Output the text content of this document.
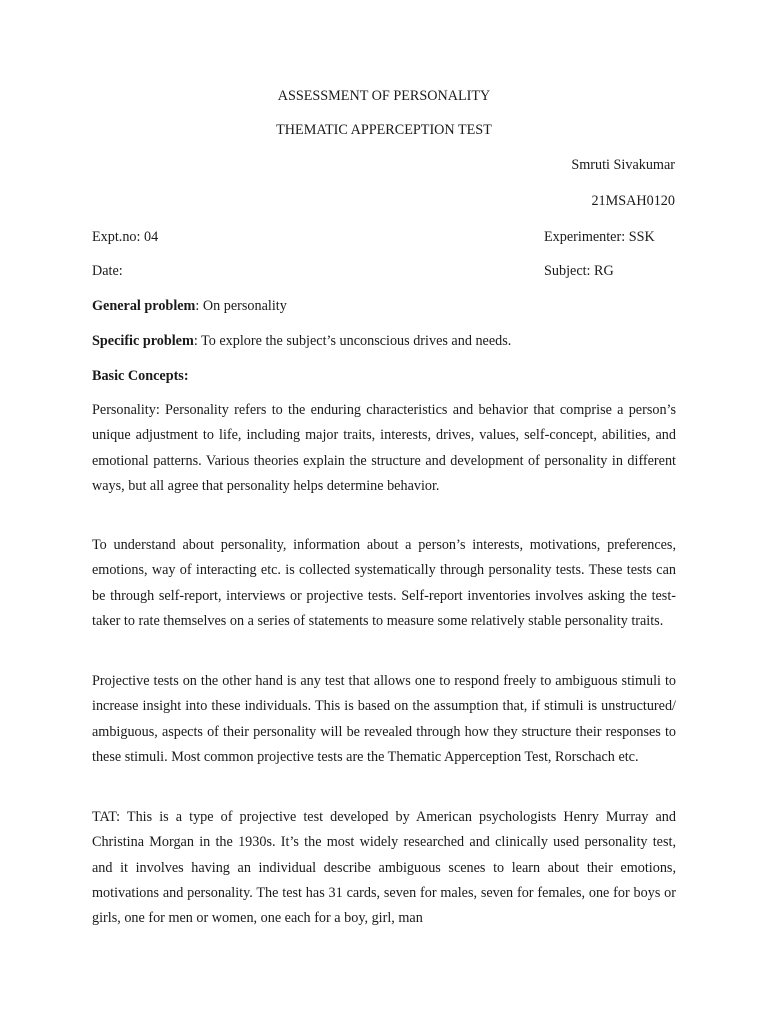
ASSESSMENT OF PERSONALITY
THEMATIC APPERCEPTION TEST
Smruti Sivakumar
21MSAH0120
Expt.no: 04	Experimenter: SSK
Date:	Subject: RG
General problem: On personality
Specific problem: To explore the subject’s unconscious drives and needs.
Basic Concepts:

Personality: Personality refers to the enduring characteristics and behavior that comprise a person’s unique adjustment to life, including major traits, interests, drives, values, self-concept, abilities, and emotional patterns. Various theories explain the structure and development of personality in different ways, but all agree that personality helps determine behavior.

To understand about personality, information about a person’s interests, motivations, preferences, emotions, way of interacting etc. is collected systematically through personality tests. These tests can be through self-report, interviews or projective tests. Self-report inventories involves asking the test-taker to rate themselves on a series of statements to measure some relatively stable personality traits.

Projective tests on the other hand is any test that allows one to respond freely to ambiguous stimuli to increase insight into these individuals. This is based on the assumption that, if stimuli is unstructured/ ambiguous, aspects of their personality will be revealed through how they structure their responses to these stimuli. Most common projective tests are the Thematic Apperception Test, Rorschach etc.

TAT: This is a type of projective test developed by American psychologists Henry Murray and Christina Morgan in the 1930s. It’s the most widely researched and clinically used personality test, and it involves having an individual describe ambiguous scenes to learn about their emotions, motivations and personality. The test has 31 cards, seven for males, seven for females, one for boys or girls, one for men or women, one each for a boy, girl, man
